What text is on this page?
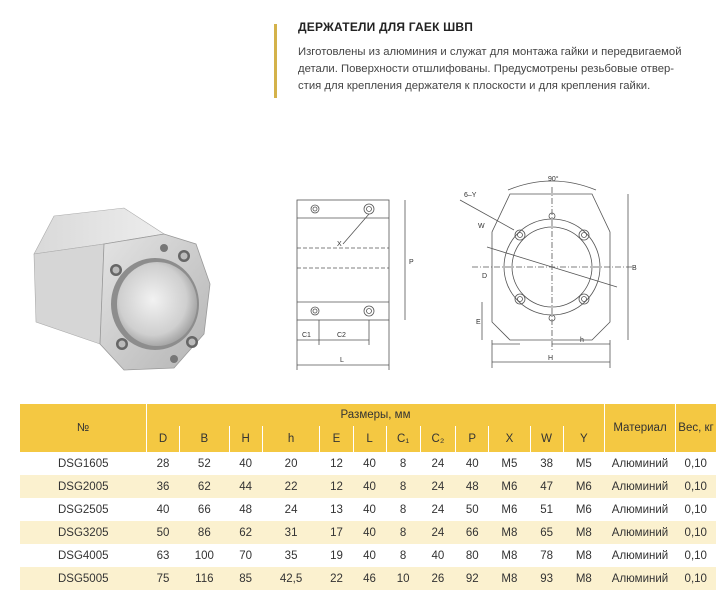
ДЕРЖАТЕЛИ ДЛЯ ГАЕК ШВП
Изготовлены из алюминия и служат для монтажа гайки и передвигаемой
детали. Поверхности отшлифованы. Предусмотрены резьбовые отвер-
стия для крепления держателя к плоскости и для крепления гайки.
X
P
C1	C2
L
90°
6–Y
W
D
B
E
h
H
№	Размеры, мм												Материал	Вес, кг
	D	B	H	h	E	L	C₁	C₂	P	X	W	Y		
DSG1605	28	52	40	20	12	40	8	24	40	M5	38	M5	Алюминий	0,10
DSG2005	36	62	44	22	12	40	8	24	48	M6	47	M6	Алюминий	0,10
DSG2505	40	66	48	24	13	40	8	24	50	M6	51	M6	Алюминий	0,10
DSG3205	50	86	62	31	17	40	8	24	66	M8	65	M8	Алюминий	0,10
DSG4005	63	100	70	35	19	40	8	40	80	M8	78	M8	Алюминий	0,10
DSG5005	75	116	85	42,5	22	46	10	26	92	M8	93	M8	Алюминий	0,10
